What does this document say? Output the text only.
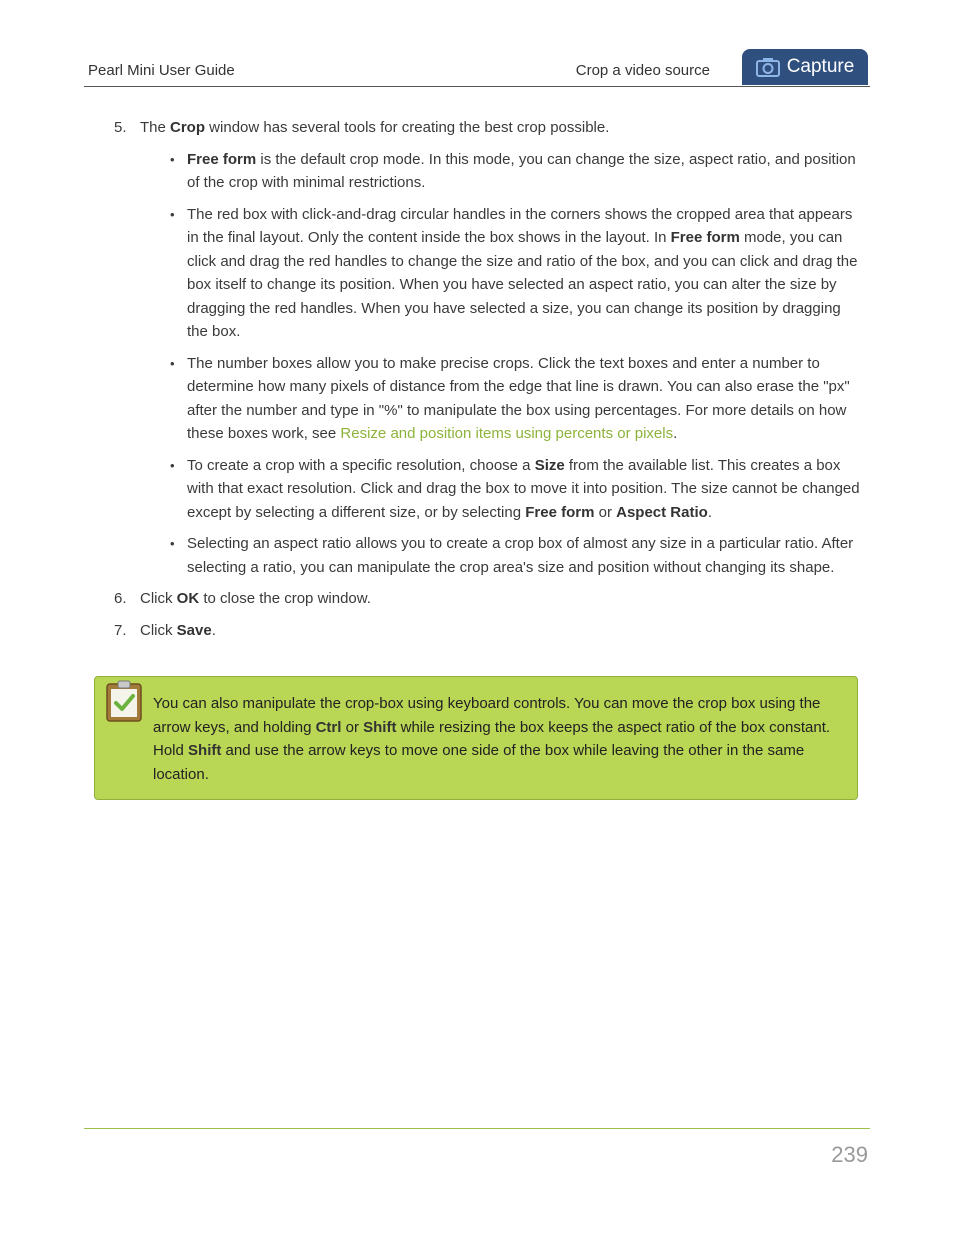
Pearl Mini User Guide	Crop a video source	Capture
5. The Crop window has several tools for creating the best crop possible.
•
Free form is the default crop mode. In this mode, you can change the size, aspect ratio, and position of the crop with minimal restrictions.
•
The red box with click-and-drag circular handles in the corners shows the cropped area that appears in the final layout. Only the content inside the box shows in the layout. In Free form mode, you can click and drag the red handles to change the size and ratio of the box, and you can click and drag the box itself to change its position. When you have selected an aspect ratio, you can alter the size by dragging the red handles. When you have selected a size, you can change its position by dragging the box.
•
The number boxes allow you to make precise crops. Click the text boxes and enter a number to determine how many pixels of distance from the edge that line is drawn. You can also erase the "px" after the number and type in "%" to manipulate the box using percentages. For more details on how these boxes work, see Resize and position items using percents or pixels.
•
To create a crop with a specific resolution, choose a Size from the available list. This creates a box with that exact resolution. Click and drag the box to move it into position. The size cannot be changed except by selecting a different size, or by selecting Free form or Aspect Ratio.
•
Selecting an aspect ratio allows you to create a crop box of almost any size in a particular ratio. After selecting a ratio, you can manipulate the crop area's size and position without changing its shape.
6. Click OK to close the crop window.
7. Click Save.
You can also manipulate the crop-box using keyboard controls. You can move the crop box using the arrow keys, and holding Ctrl or Shift while resizing the box keeps the aspect ratio of the box constant. Hold Shift and use the arrow keys to move one side of the box while leaving the other in the same location.
239
